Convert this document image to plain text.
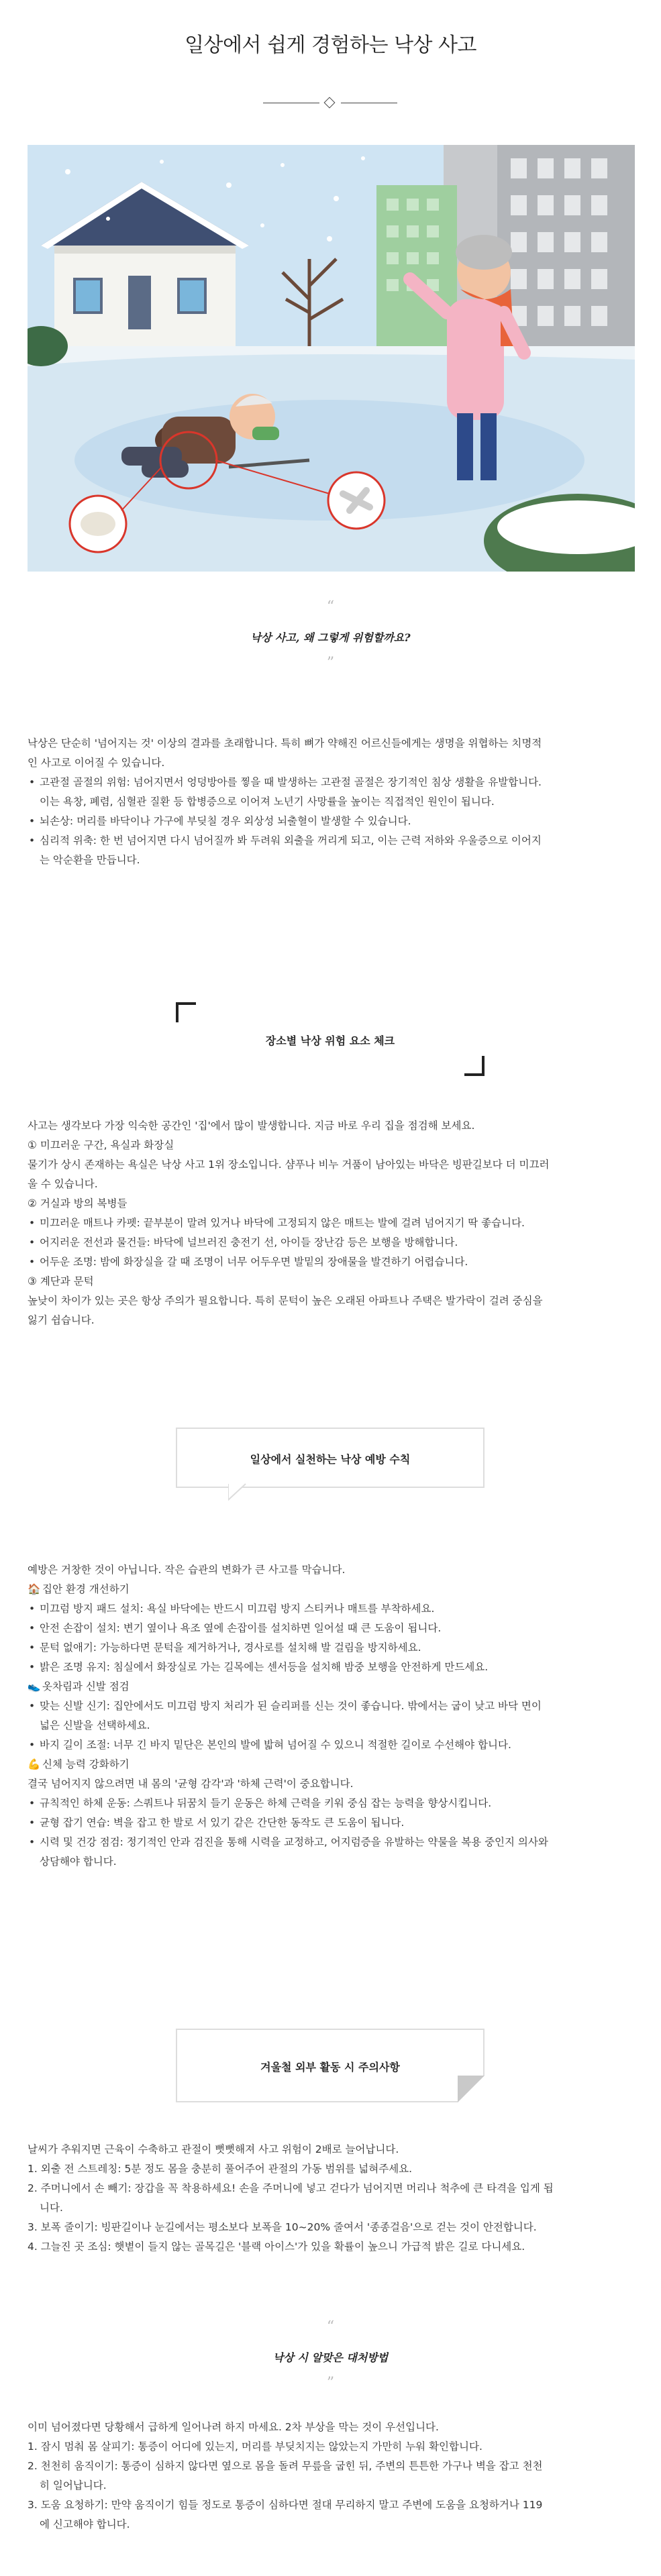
일상에서 쉽게 경험하는 낙상 사고
“
낙상 사고, 왜 그렇게 위험할까요?
”

낙상은 단순히 '넘어지는 것' 이상의 결과를 초래합니다. 특히 뼈가 약해진 어르신들에게는 생명을 위협하는 치명적

인 사고로 이어질 수 있습니다.

• 고관절 골절의 위험: 넘어지면서 엉덩방아를 찧을 때 발생하는 고관절 골절은 장기적인 침상 생활을 유발합니다.

이는 욕창, 폐렴, 심혈관 질환 등 합병증으로 이어져 노년기 사망률을 높이는 직접적인 원인이 됩니다.

• 뇌손상: 머리를 바닥이나 가구에 부딪칠 경우 외상성 뇌출혈이 발생할 수 있습니다.

• 심리적 위축: 한 번 넘어지면 다시 넘어질까 봐 두려워 외출을 꺼리게 되고, 이는 근력 저하와 우울증으로 이어지

는 악순환을 만듭니다.

장소별 낙상 위험 요소 체크

사고는 생각보다 가장 익숙한 공간인 '집'에서 많이 발생합니다. 지금 바로 우리 집을 점검해 보세요.

① 미끄러운 구간, 욕실과 화장실

물기가 상시 존재하는 욕실은 낙상 사고 1위 장소입니다. 샴푸나 비누 거품이 남아있는 바닥은 빙판길보다 더 미끄러

울 수 있습니다.

② 거실과 방의 복병들

• 미끄러운 매트나 카펫: 끝부분이 말려 있거나 바닥에 고정되지 않은 매트는 발에 걸려 넘어지기 딱 좋습니다.

• 어지러운 전선과 물건들: 바닥에 널브러진 충전기 선, 아이들 장난감 등은 보행을 방해합니다.

• 어두운 조명: 밤에 화장실을 갈 때 조명이 너무 어두우면 발밑의 장애물을 발견하기 어렵습니다.

③ 계단과 문턱

높낮이 차이가 있는 곳은 항상 주의가 필요합니다. 특히 문턱이 높은 오래된 아파트나 주택은 발가락이 걸려 중심을

잃기 쉽습니다.

일상에서 실천하는 낙상 예방 수칙

예방은 거창한 것이 아닙니다. 작은 습관의 변화가 큰 사고를 막습니다.

🏠 집안 환경 개선하기

• 미끄럼 방지 패드 설치: 욕실 바닥에는 반드시 미끄럼 방지 스티커나 매트를 부착하세요.

• 안전 손잡이 설치: 변기 옆이나 욕조 옆에 손잡이를 설치하면 일어설 때 큰 도움이 됩니다.

• 문턱 없애기: 가능하다면 문턱을 제거하거나, 경사로를 설치해 발 걸림을 방지하세요.

• 밝은 조명 유지: 침실에서 화장실로 가는 길목에는 센서등을 설치해 밤중 보행을 안전하게 만드세요.

👟 옷차림과 신발 점검

• 맞는 신발 신기: 집안에서도 미끄럼 방지 처리가 된 슬리퍼를 신는 것이 좋습니다. 밖에서는 굽이 낮고 바닥 면이

넓은 신발을 선택하세요.

• 바지 길이 조절: 너무 긴 바지 밑단은 본인의 발에 밟혀 넘어질 수 있으니 적절한 길이로 수선해야 합니다.

💪 신체 능력 강화하기

결국 넘어지지 않으려면 내 몸의 '균형 감각'과 '하체 근력'이 중요합니다.

• 규칙적인 하체 운동: 스쿼트나 뒤꿈치 들기 운동은 하체 근력을 키워 중심 잡는 능력을 향상시킵니다.

• 균형 잡기 연습: 벽을 잡고 한 발로 서 있기 같은 간단한 동작도 큰 도움이 됩니다.

• 시력 및 건강 점검: 정기적인 안과 검진을 통해 시력을 교정하고, 어지럼증을 유발하는 약물을 복용 중인지 의사와

상담해야 합니다.

겨울철 외부 활동 시 주의사항

날씨가 추워지면 근육이 수축하고 관절이 뻣뻣해져 사고 위험이 2배로 늘어납니다.

1. 외출 전 스트레칭: 5분 정도 몸을 충분히 풀어주어 관절의 가동 범위를 넓혀주세요.

2. 주머니에서 손 빼기: 장갑을 꼭 착용하세요! 손을 주머니에 넣고 걷다가 넘어지면 머리나 척추에 큰 타격을 입게 됩

니다.

3. 보폭 줄이기: 빙판길이나 눈길에서는 평소보다 보폭을 10~20% 줄여서 '종종걸음'으로 걷는 것이 안전합니다.

4. 그늘진 곳 조심: 햇볕이 들지 않는 골목길은 '블랙 아이스'가 있을 확률이 높으니 가급적 밝은 길로 다니세요.

“
낙상 시 알맞은 대처방법
”

이미 넘어졌다면 당황해서 급하게 일어나려 하지 마세요. 2차 부상을 막는 것이 우선입니다.

1. 잠시 멈춰 몸 살피기: 통증이 어디에 있는지, 머리를 부딪치지는 않았는지 가만히 누워 확인합니다.

2. 천천히 움직이기: 통증이 심하지 않다면 옆으로 몸을 돌려 무릎을 굽힌 뒤, 주변의 튼튼한 가구나 벽을 잡고 천천

히 일어납니다.

3. 도움 요청하기: 만약 움직이기 힘들 정도로 통증이 심하다면 절대 무리하지 말고 주변에 도움을 요청하거나 119

에 신고해야 합니다.
